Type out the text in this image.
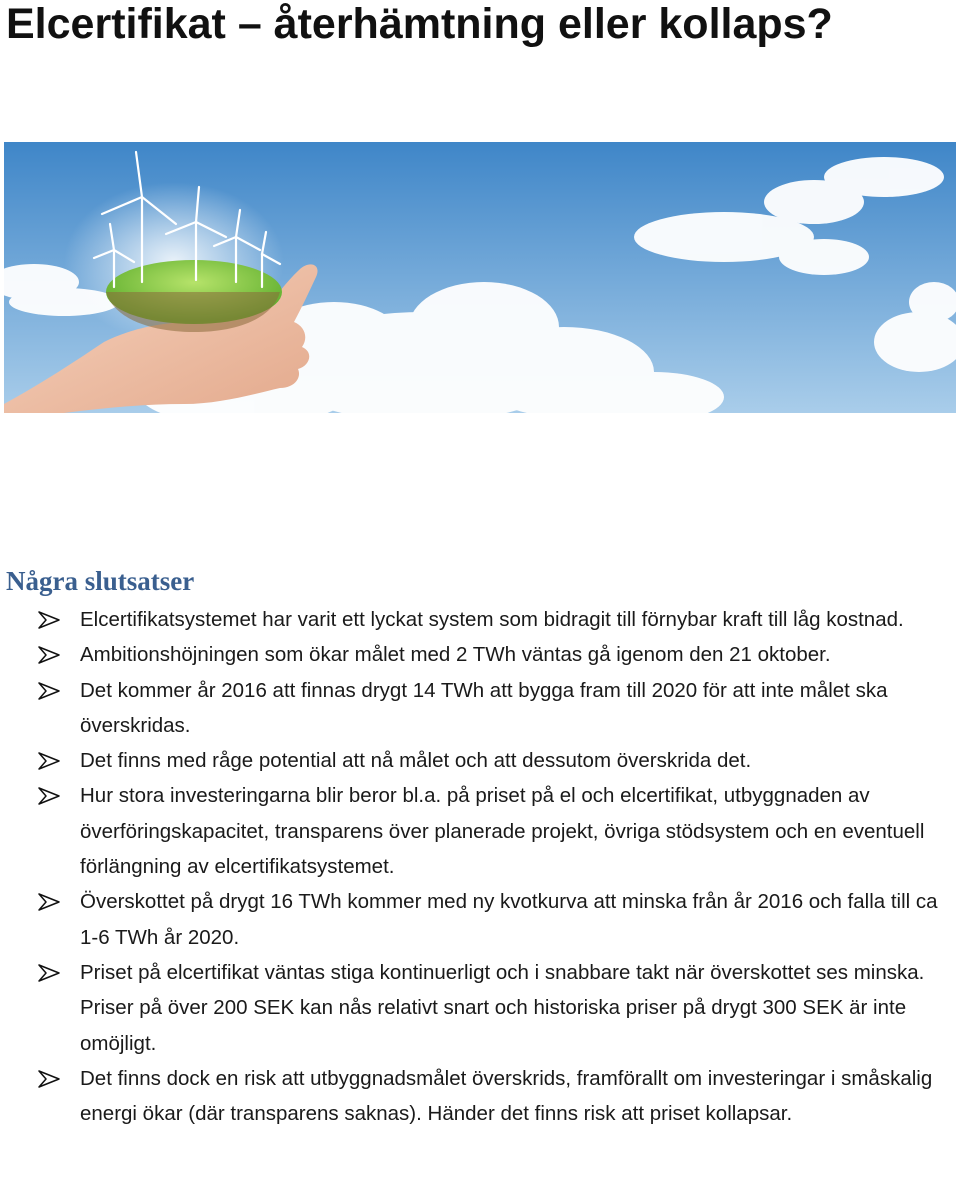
Elcertifikat – återhämtning eller kollaps?
Några slutsatser
Elcertifikatsystemet har varit ett lyckat system som bidragit till förnybar kraft till låg kostnad.
Ambitionshöjningen som ökar målet med 2 TWh väntas gå igenom den 21 oktober.
Det kommer år 2016 att finnas drygt 14 TWh att bygga fram till 2020 för att inte målet ska överskridas.
Det finns med råge potential att nå målet och att dessutom överskrida det.
Hur stora investeringarna blir beror bl.a. på priset på el och elcertifikat, utbyggnaden av överföringskapacitet, transparens över planerade projekt, övriga stödsystem och en eventuell förlängning av elcertifikatsystemet.
Överskottet på drygt 16 TWh kommer med ny kvotkurva att minska från år 2016 och falla till ca 1-6 TWh år 2020.
Priset på elcertifikat väntas stiga kontinuerligt och i snabbare takt när överskottet ses minska. Priser på över 200 SEK kan nås relativt snart och historiska priser på drygt 300 SEK är inte omöjligt.
Det finns dock en risk att utbyggnadsmålet överskrids, framförallt om investeringar i småskalig energi ökar (där transparens saknas). Händer det finns risk att priset kollapsar.
